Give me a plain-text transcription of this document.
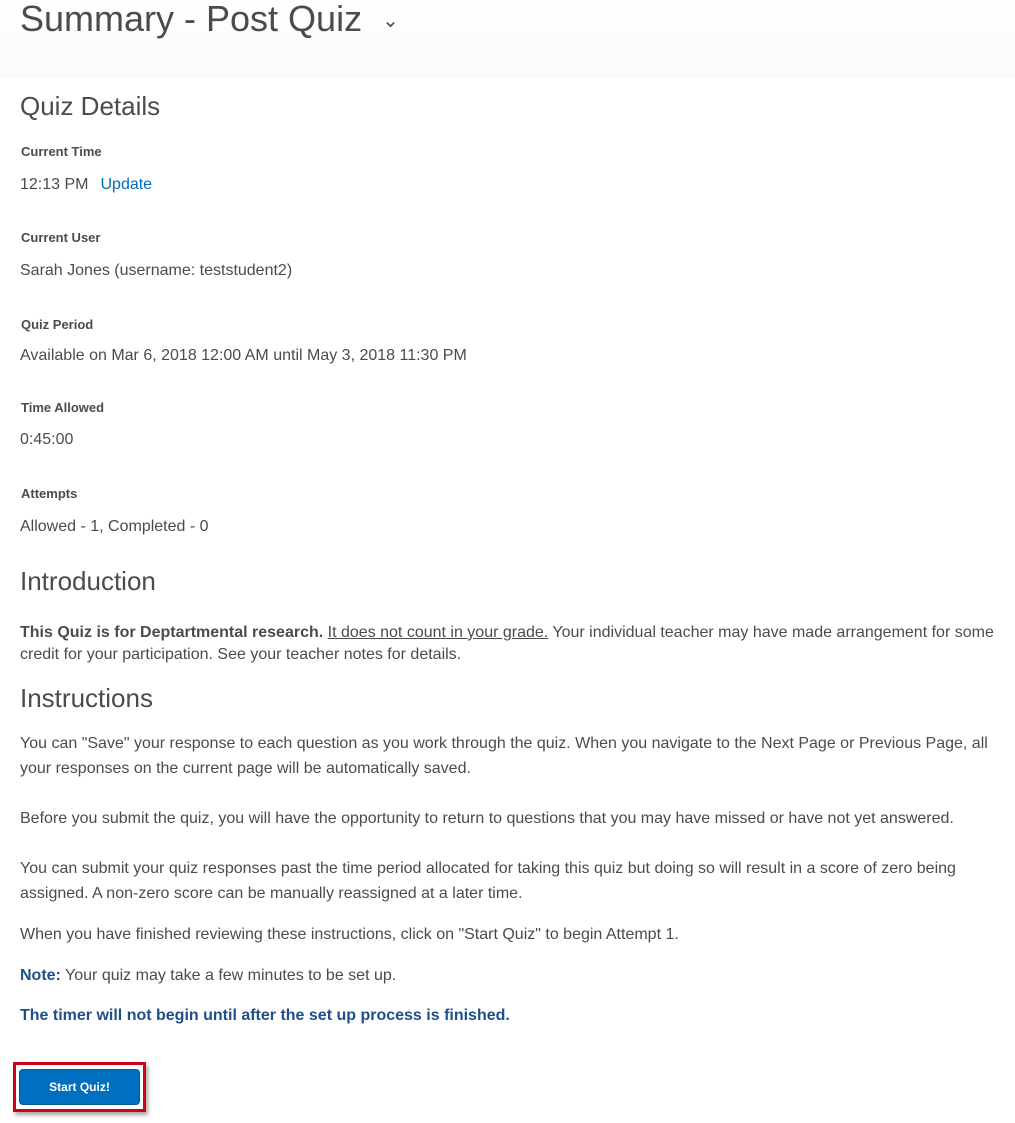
Summary - Post Quiz ⌄
Quiz Details
Current Time
12:13 PM Update
Current User
Sarah Jones (username: teststudent2)
Quiz Period
Available on Mar 6, 2018 12:00 AM until May 3, 2018 11:30 PM
Time Allowed
0:45:00
Attempts
Allowed - 1, Completed - 0
Introduction

This Quiz is for Deptartmental research. It does not count in your grade. Your individual teacher may have made arrangement for some credit for your participation. See your teacher notes for details.

Instructions

You can "Save" your response to each question as you work through the quiz. When you navigate to the Next Page or Previous Page, all your responses on the current page will be automatically saved.

Before you submit the quiz, you will have the opportunity to return to questions that you may have missed or have not yet answered.

You can submit your quiz responses past the time period allocated for taking this quiz but doing so will result in a score of zero being assigned. A non-zero score can be manually reassigned at a later time.

When you have finished reviewing these instructions, click on "Start Quiz" to begin Attempt 1.

Note: Your quiz may take a few minutes to be set up.

The timer will not begin until after the set up process is finished.

Start Quiz!
